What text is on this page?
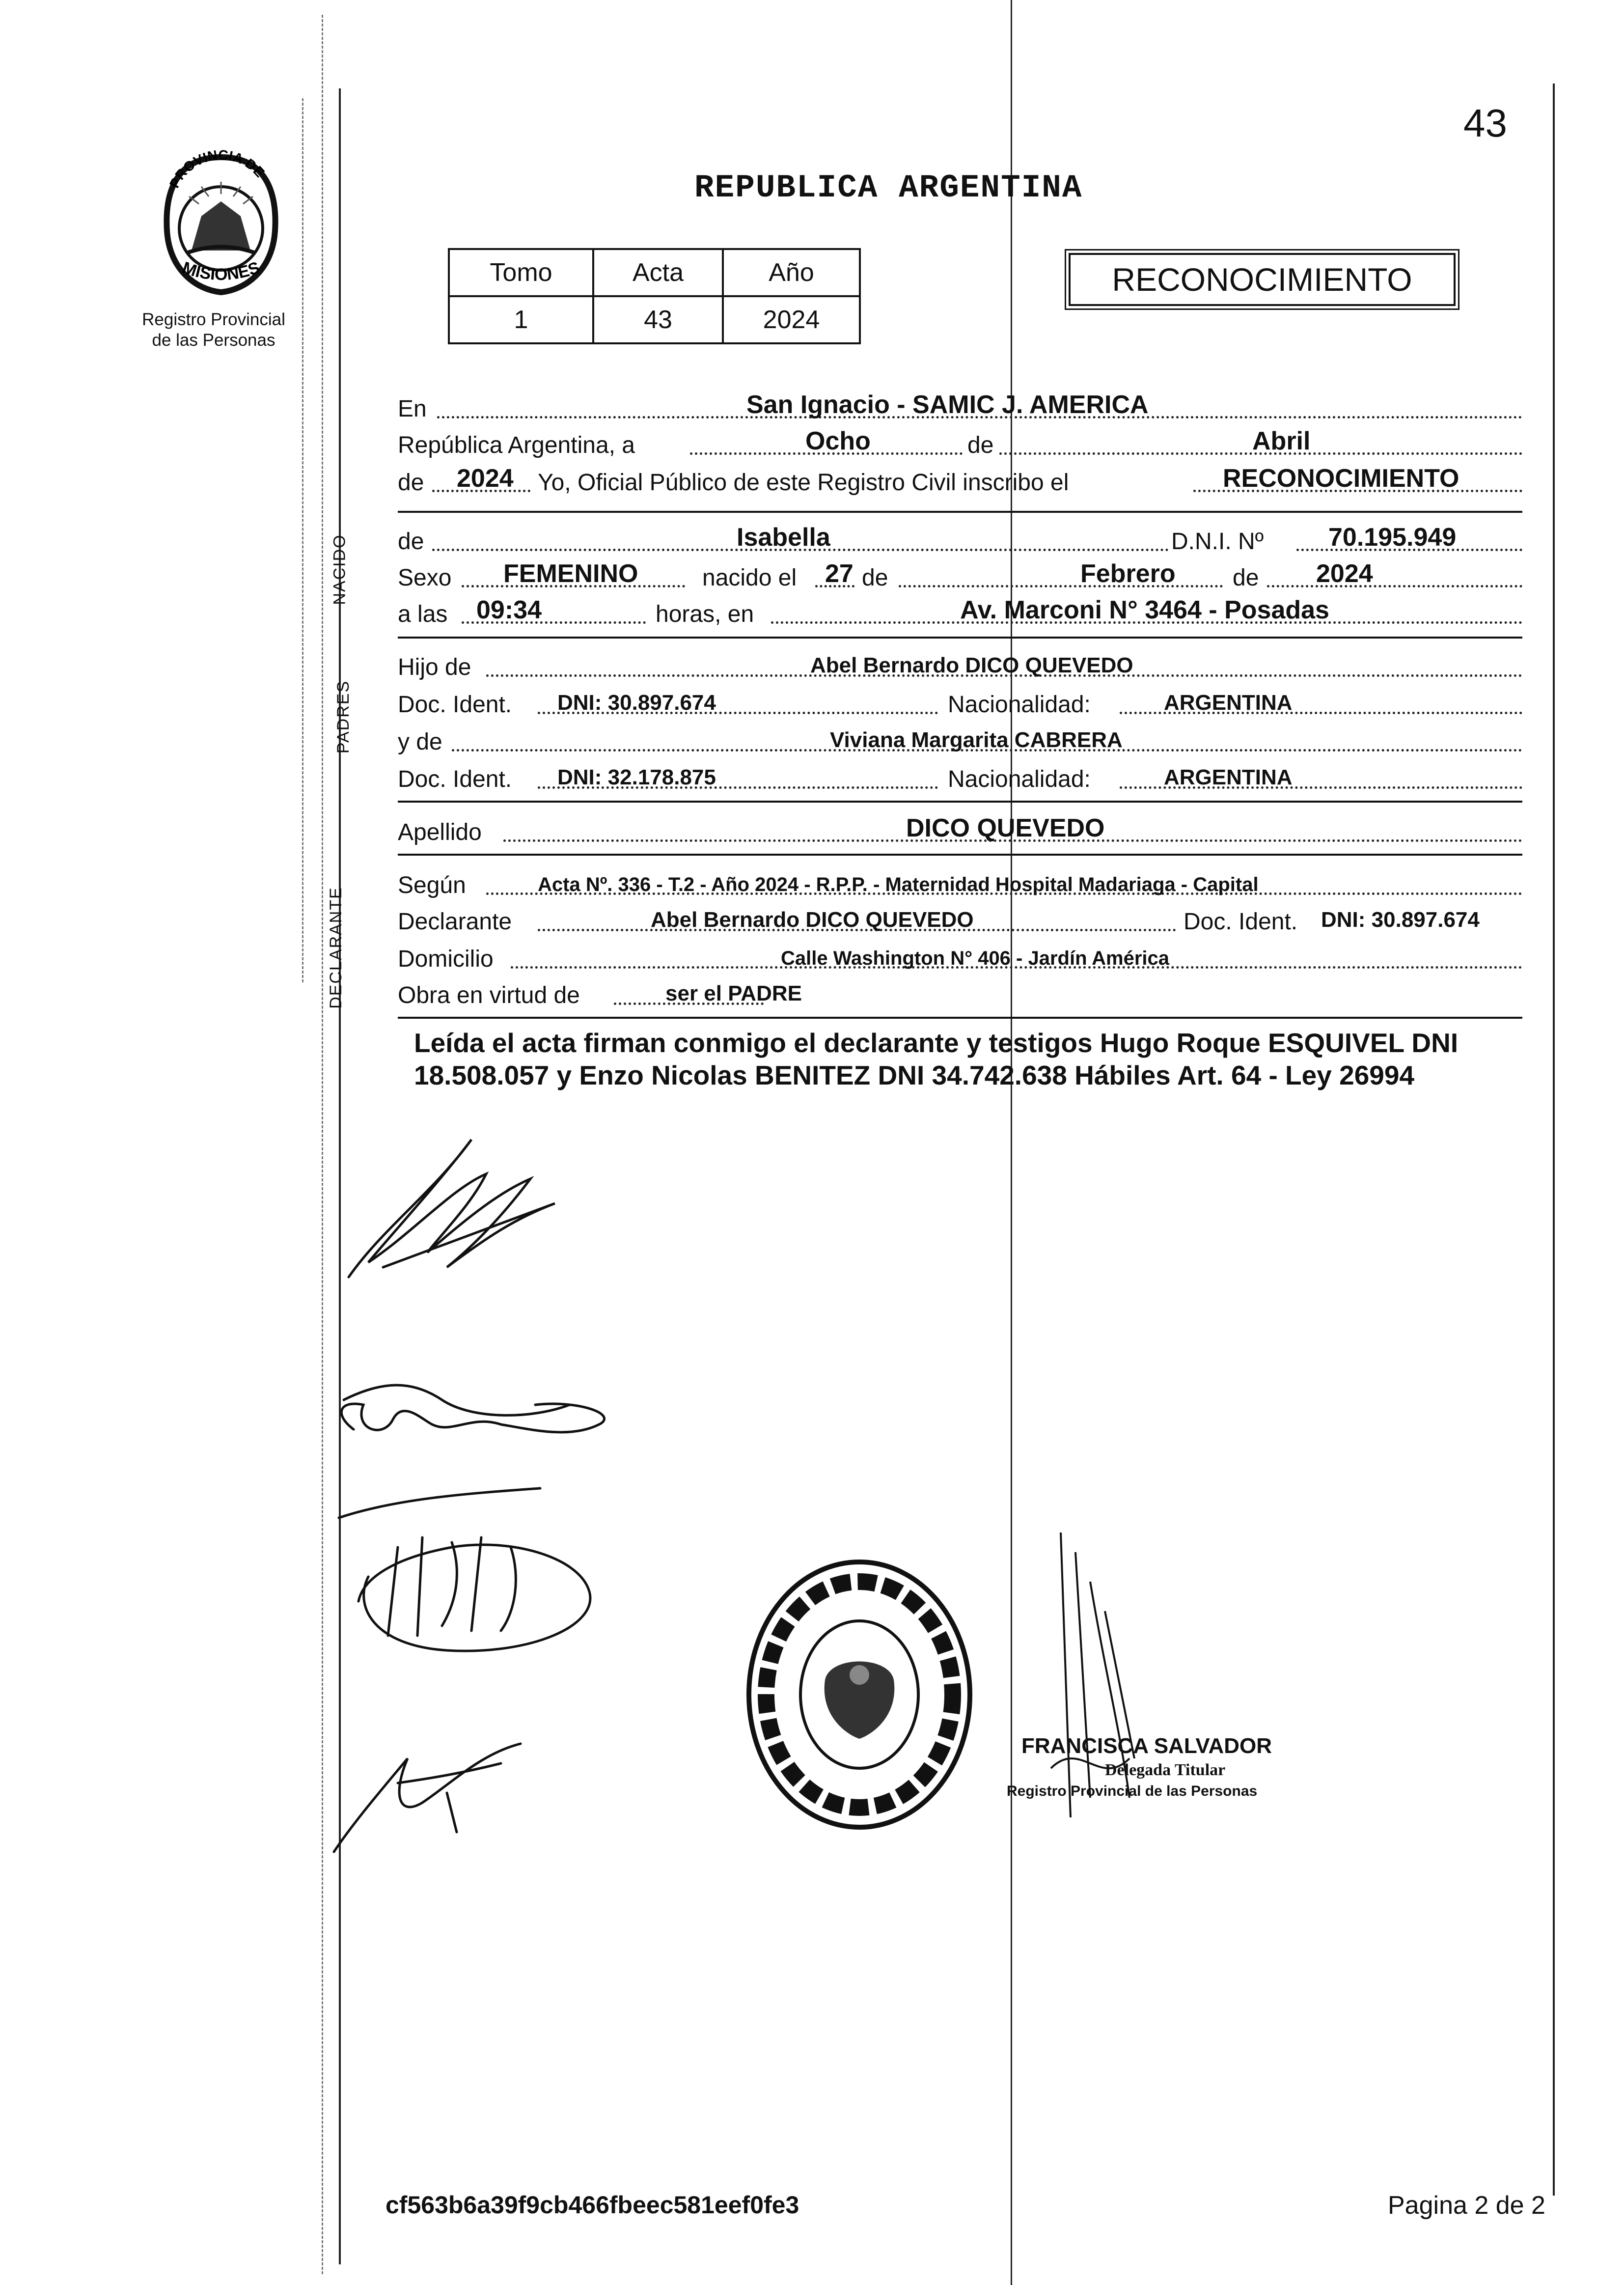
43
PROVINCIA DE
MISIONES
Registro Provincial
de las Personas
REPUBLICA ARGENTINA
Tomo	Acta	Año
1	43	2024
RECONOCIMIENTO
En	San Ignacio - SAMIC J. AMERICA
República Argentina, a	Ocho	de	Abril
de 2024 Yo, Oficial Público de este Registro Civil inscribo el	RECONOCIMIENTO
NACIDO de	Isabella	D.N.I. Nº	70.195.949
Sexo FEMENINO	nacido el 27 de	Febrero de 2024
a las 09:34	horas, en	Av. Marconi N° 3464 - Posadas
PADRES
Hijo de	Abel Bernardo DICO QUEVEDO
Doc. Ident. DNI: 30.897.674	Nacionalidad:	ARGENTINA
y de	Viviana Margarita CABRERA
Doc. Ident. DNI: 32.178.875	Nacionalidad:	ARGENTINA
Apellido	DICO QUEVEDO
DECLARANTE
Según	Acta Nº. 336 - T.2 - Año 2024 - R.P.P. - Maternidad Hospital Madariaga - Capital
Declarante	Abel Bernardo DICO QUEVEDO	Doc. Ident. DNI: 30.897.674
Domicilio	Calle Washington N° 406 - Jardín América
Obra en virtud de	ser el PADRE
Leída el acta firman conmigo el declarante y testigos Hugo Roque ESQUIVEL DNI
18.508.057 y Enzo Nicolas BENITEZ DNI 34.742.638 Hábiles Art. 64 - Ley 26994
FRANCISCA SALVADOR
Delegada Titular
Registro Provincial de las Personas
cf563b6a39f9cb466fbeec581eef0fe3	Pagina 2 de 2
